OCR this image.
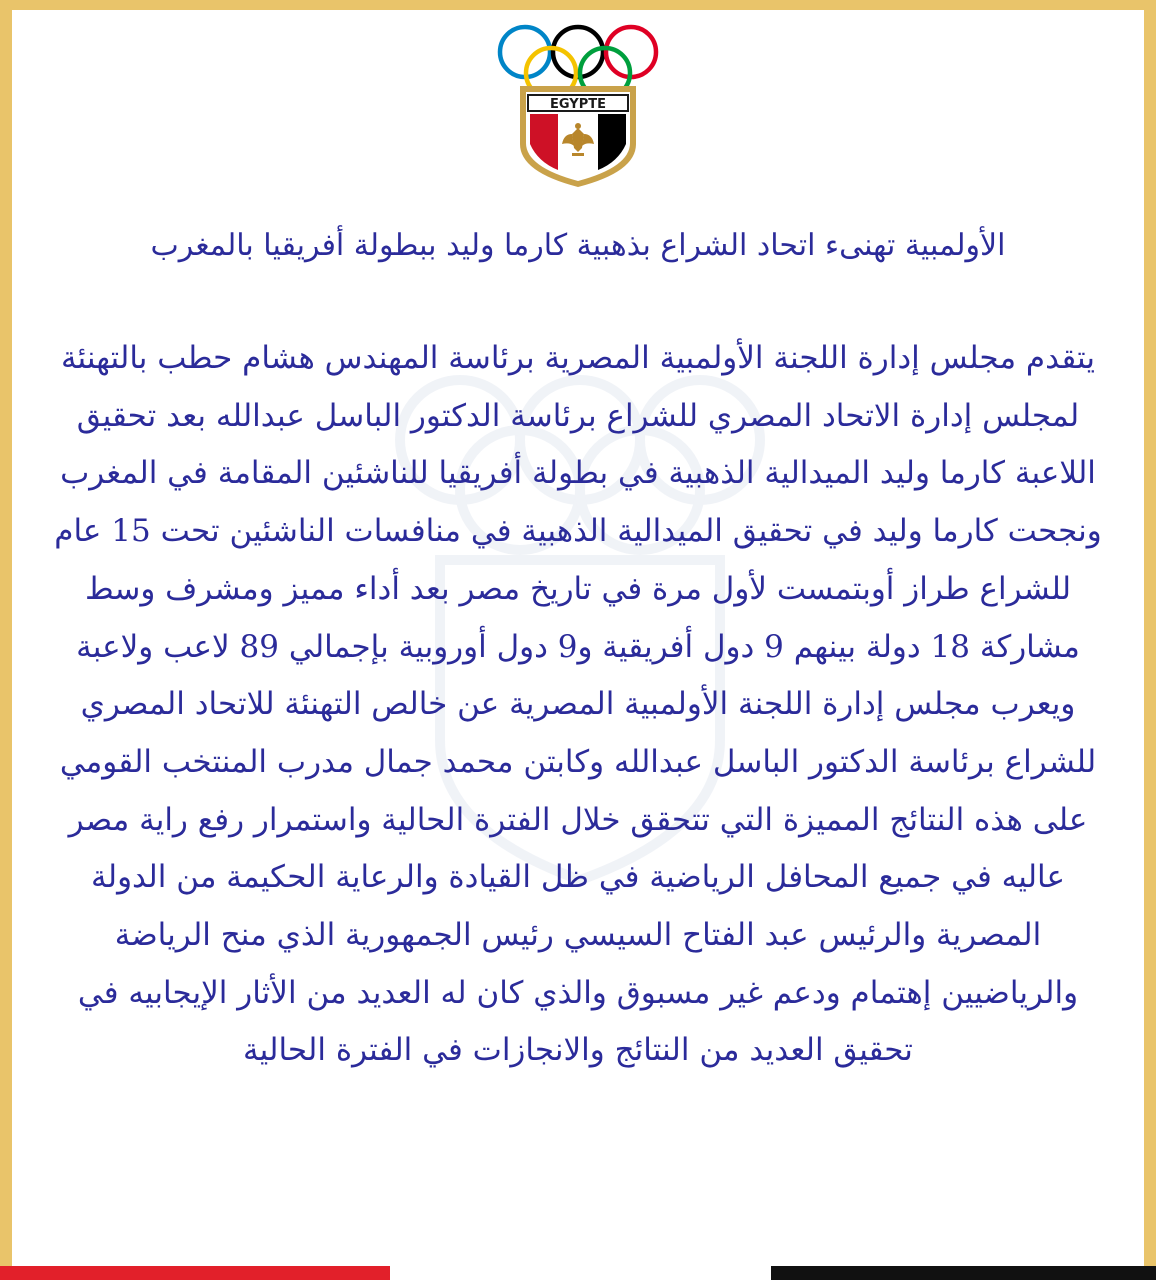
EGYPTE
الأولمبية تهنىء اتحاد الشراع بذهبية كارما وليد ببطولة أفريقيا بالمغرب

يتقدم مجلس إدارة اللجنة الأولمبية المصرية برئاسة المهندس هشام حطب بالتهنئة لمجلس إدارة الاتحاد المصري للشراع برئاسة الدكتور الباسل عبدالله بعد تحقيق اللاعبة كارما وليد الميدالية الذهبية في بطولة أفريقيا للناشئين المقامة في المغرب

ونجحت كارما وليد في تحقيق الميدالية الذهبية في منافسات الناشئين تحت 15 عام للشراع طراز أوبتمست لأول مرة في تاريخ مصر بعد أداء مميز ومشرف وسط مشاركة 18 دولة بينهم 9 دول أفريقية و9 دول أوروبية بإجمالي 89 لاعب ولاعبة

ويعرب مجلس إدارة اللجنة الأولمبية المصرية عن خالص التهنئة للاتحاد المصري للشراع برئاسة الدكتور الباسل عبدالله وكابتن محمد جمال مدرب المنتخب القومي على هذه النتائج المميزة التي تتحقق خلال الفترة الحالية واستمرار رفع راية مصر عاليه في جميع المحافل الرياضية في ظل القيادة والرعاية الحكيمة من الدولة المصرية والرئيس عبد الفتاح السيسي رئيس الجمهورية الذي منح الرياضة والرياضيين إهتمام ودعم غير مسبوق والذي كان له العديد من الأثار الإيجابيه في تحقيق العديد من النتائج والانجازات في الفترة الحالية
